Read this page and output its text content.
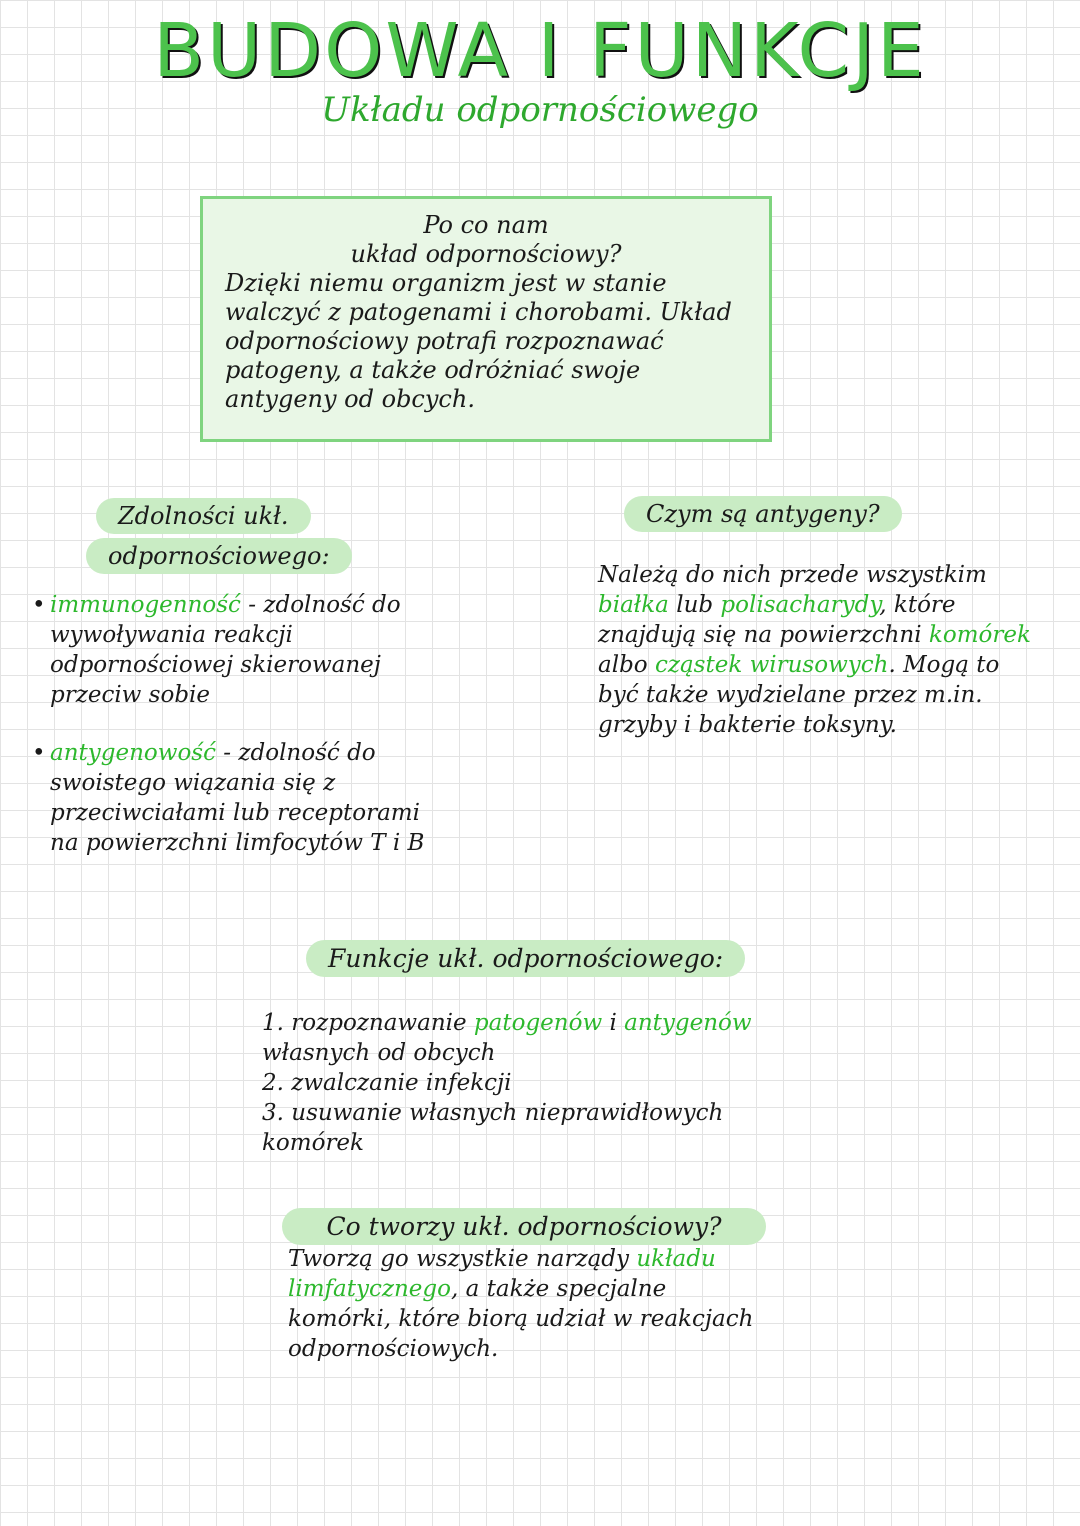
BUDOWA I FUNKCJE
Układu odpornościowego
Po co nam
układ odpornościowy?
Dzięki niemu organizm jest w stanie walczyć z patogenami i chorobami. Układ odpornościowy potrafi rozpoznawać patogeny, a także odróżniać swoje antygeny od obcych.
Zdolności ukł.
odpornościowego:
• immunogenność - zdolność do wywoływania reakcji odpornościowej skierowanej przeciw sobie
• antygenowość - zdolność do swoistego wiązania się z przeciwciałami lub receptorami na powierzchni limfocytów T i B
Czym są antygeny?
Należą do nich przede wszystkim białka lub polisacharydy, które znajdują się na powierzchni komórek albo cząstek wirusowych. Mogą to być także wydzielane przez m.in. grzyby i bakterie toksyny.
Funkcje ukł. odpornościowego:
1. rozpoznawanie patogenów i antygenów własnych od obcych
2. zwalczanie infekcji
3. usuwanie własnych nieprawidłowych komórek
Co tworzy ukł. odpornościowy?
Tworzą go wszystkie narządy układu limfatycznego, a także specjalne komórki, które biorą udział w reakcjach odpornościowych.
